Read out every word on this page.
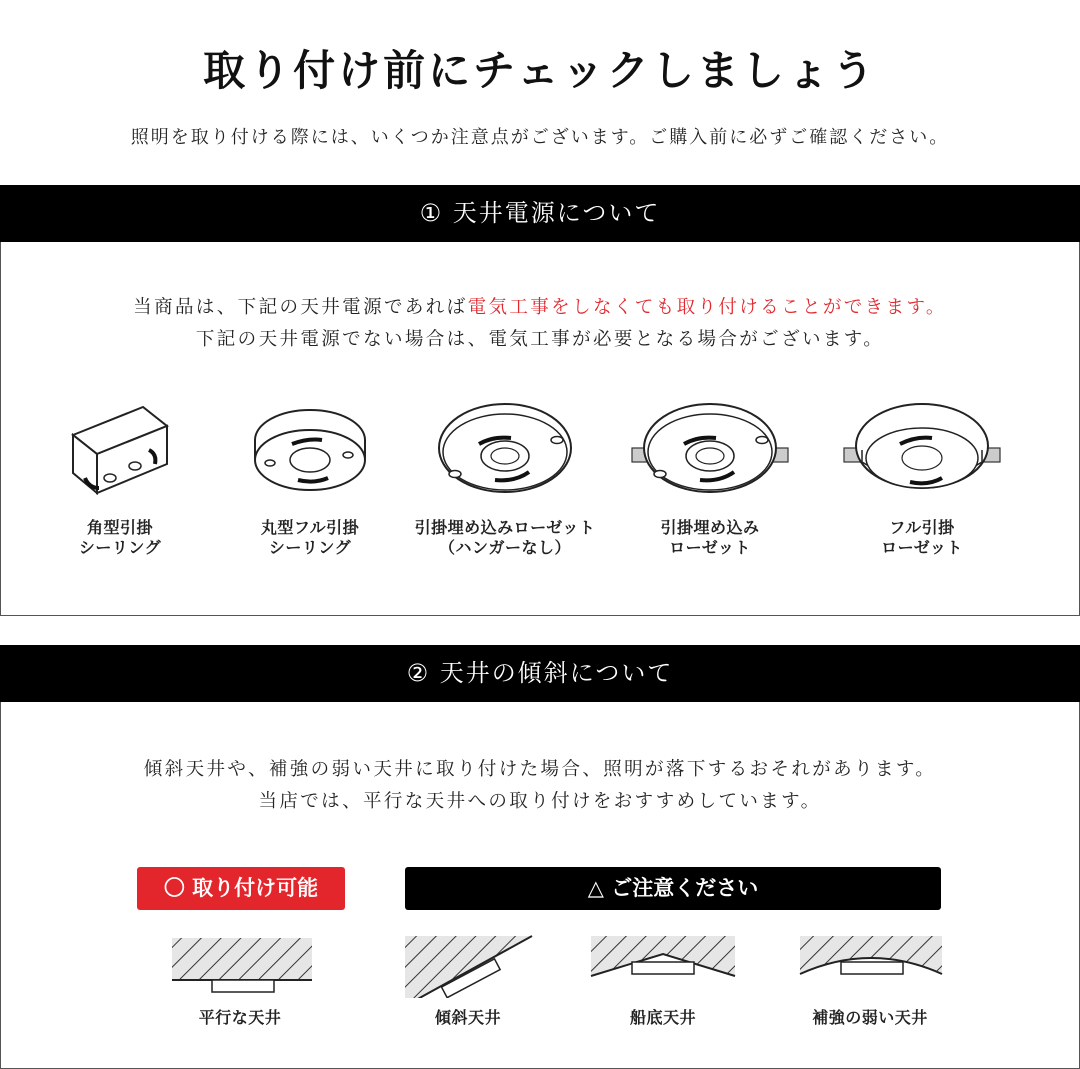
取り付け前にチェックしましょう
照明を取り付ける際には、いくつか注意点がございます。ご購入前に必ずご確認ください。
① 天井電源について
当商品は、下記の天井電源であれば電気工事をしなくても取り付けることができます。
下記の天井電源でない場合は、電気工事が必要となる場合がございます。
角型引掛
シーリング
丸型フル引掛
シーリング
引掛埋め込みローゼット
（ハンガーなし）
引掛埋め込み
ローゼット
フル引掛
ローゼット
② 天井の傾斜について
傾斜天井や、補強の弱い天井に取り付けた場合、照明が落下するおそれがあります。
当店では、平行な天井への取り付けをおすすめしています。
〇 取り付け可能	△ ご注意ください
平行な天井	傾斜天井	船底天井	補強の弱い天井
